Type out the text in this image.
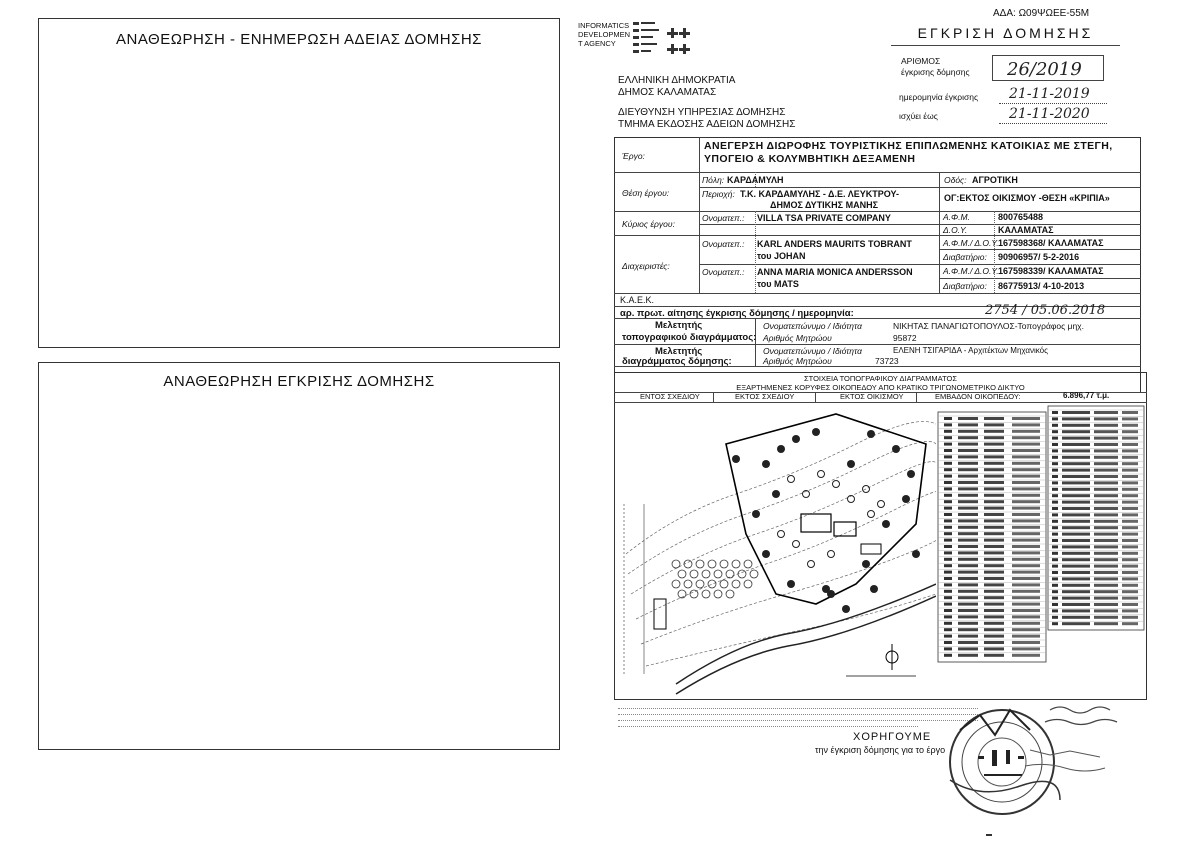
ΑΔΑ: Ω09ΨΩΕΕ-55Μ
ΑΝΑΘΕΩΡΗΣΗ - ΕΝΗΜΕΡΩΣΗ ΑΔΕΙΑΣ ΔΟΜΗΣΗΣ
ΑΝΑΘΕΩΡΗΣΗ ΕΓΚΡΙΣΗΣ ΔΟΜΗΣΗΣ
INFORMATICS
DEVELOPMEN
T AGENCY
ΕΛΛΗΝΙΚΗ ΔΗΜΟΚΡΑΤΙΑ
ΔΗΜΟΣ ΚΑΛΑΜΑΤΑΣ
ΔΙΕΥΘΥΝΣΗ ΥΠΗΡΕΣΙΑΣ ΔΟΜΗΣΗΣ
ΤΜΗΜΑ ΕΚΔΟΣΗΣ ΑΔΕΙΩΝ ΔΟΜΗΣΗΣ
ΕΓΚΡΙΣΗ ΔΟΜΗΣΗΣ
ΑΡΙΘΜΟΣ
έγκρισης δόμησης 26/2019
ημερομηνία έγκρισης 21-11-2019
ισχύει έως	21-11-2020
Έργο:
ΑΝΕΓΕΡΣΗ ΔΙΩΡΟΦΗΣ ΤΟΥΡΙΣΤΙΚΗΣ ΕΠΙΠΛΩΜΕΝΗΣ ΚΑΤΟΙΚΙΑΣ ΜΕ ΣΤΕΓΗ,
ΥΠΟΓΕΙΟ & ΚΟΛΥΜΒΗΤΙΚΗ ΔΕΞΑΜΕΝΗ
Θέση έργου:
Πόλη: ΚΑΡΔΑΜΥΛΗ	Οδός: ΑΓΡΟΤΙΚΗ
Περιοχή: Τ.Κ. ΚΑΡΔΑΜΥΛΗΣ - Δ.Ε. ΛΕΥΚΤΡΟΥ-
ΔΗΜΟΣ ΔΥΤΙΚΗΣ ΜΑΝΗΣ
ΟΓ:ΕΚΤΟΣ ΟΙΚΙΣΜΟΥ -ΘΕΣΗ «ΚΡΙΠΙΑ»
Κύριος έργου:
Ονοματεπ.: VILLA TSA PRIVATE COMPANY	Α.Φ.Μ.	800765488
Δ.Ο.Υ.	ΚΑΛΑΜΑΤΑΣ
Διαχειριστές:
Ονοματεπ.: KARL ANDERS MAURITS TOBRANT
του JOHAN
Α.Φ.Μ./ Δ.Ο.Υ. 167598368/ ΚΑΛΑΜΑΤΑΣ
Διαβατήριο: 90906957/ 5-2-2016
Ονοματεπ.: ANNA MARIA MONICA ANDERSSON
του MATS
Α.Φ.Μ./ Δ.Ο.Υ. 167598339/ ΚΑΛΑΜΑΤΑΣ
Διαβατήριο: 86775913/ 4-10-2013
Κ.Α.Ε.Κ.
αρ. πρωτ. αίτησης έγκρισης δόμησης / ημερομηνία:	2754 / 05.06.2018
Μελετητής
τοπογραφικού διαγράμματος:
Ονοματεπώνυμο / Ιδιότητα	ΝΙΚΗΤΑΣ ΠΑΝΑΓΙΩΤΟΠΟΥΛΟΣ-Τοπογράφος μηχ.
Αριθμός Μητρώου	95872
Μελετητής
διαγράμματος δόμησης:
Ονοματεπώνυμο / Ιδιότητα	ΕΛΕΝΗ ΤΣΙΓΑΡΙΔΑ - Αρχιτέκτων Μηχανικός
Αριθμός Μητρώου	73723
ΣΤΟΙΧΕΙΑ ΤΟΠΟΓΡΑΦΙΚΟΥ ΔΙΑΓΡΑΜΜΑΤΟΣ
ΕΞΑΡΤΗΜΕΝΕΣ ΚΟΡΥΦΕΣ ΟΙΚΟΠΕΔΟΥ ΑΠΟ ΚΡΑΤΙΚΟ ΤΡΙΓΩΝΟΜΕΤΡΙΚΟ ΔΙΚΤΥΟ
ΕΝΤΟΣ ΣΧΕΔΙΟΥ	ΕΚΤΟΣ ΣΧΕΔΙΟΥ	ΕΚΤΟΣ ΟΙΚΙΣΜΟΥ	ΕΜΒΑΔΟΝ ΟΙΚΟΠΕΔΟΥ:	6.896,77 τ.μ.
ΧΟΡΗΓΟΥΜΕ
την έγκριση δόμησης για το έργο
